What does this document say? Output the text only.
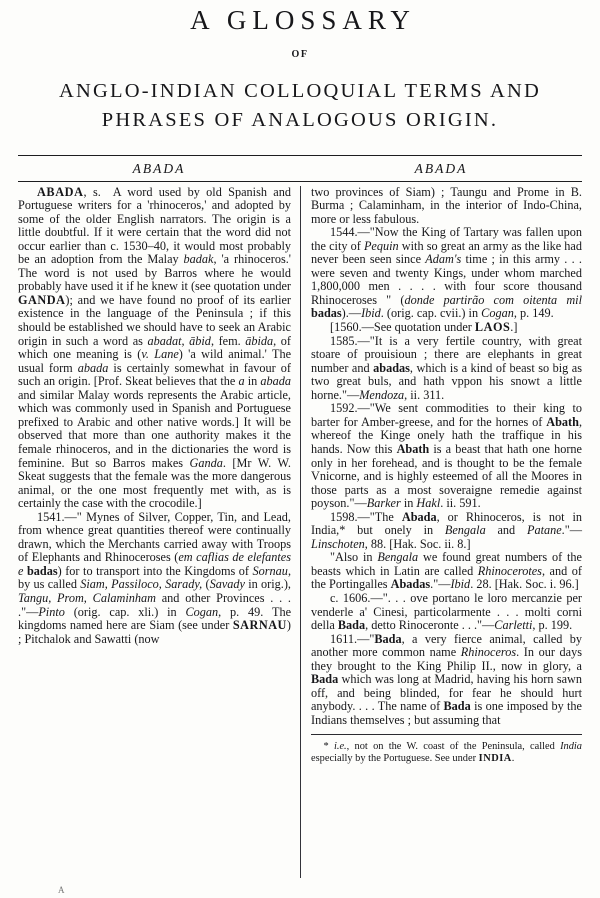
A GLOSSARY
OF
ANGLO-INDIAN COLLOQUIAL TERMS AND
PHRASES OF ANALOGOUS ORIGIN.
ABADA	ABADA

ABADA, s. A word used by old Spanish and Portuguese writers for a 'rhinoceros,' and adopted by some of the older English narrators. The origin is a little doubtful. If it were certain that the word did not occur earlier than c. 1530–40, it would most probably be an adoption from the Malay badak, 'a rhinoceros.' The word is not used by Barros where he would probably have used it if he knew it (see quotation under GANDA); and we have found no proof of its earlier existence in the language of the Peninsula ; if this should be established we should have to seek an Arabic origin in such a word as abadat, ābid, fem. ābida, of which one meaning is (v. Lane) 'a wild animal.' The usual form abada is certainly somewhat in favour of such an origin. [Prof. Skeat believes that the a in abada and similar Malay words represents the Arabic article, which was commonly used in Spanish and Portuguese prefixed to Arabic and other native words.] It will be observed that more than one authority makes it the female rhinoceros, and in the dictionaries the word is feminine. But so Barros makes Ganda. [Mr W. W. Skeat suggests that the female was the more dangerous animal, or the one most frequently met with, as is certainly the case with the crocodile.]

1541.—" Mynes of Silver, Copper, Tin, and Lead, from whence great quantities thereof were continually drawn, which the Merchants carried away with Troops of Elephants and Rhinoceroses (em caflias de elefantes e badas) for to transport into the Kingdoms of Sornau, by us called Siam, Passiloco, Sarady, (Savady in orig.), Tangu, Prom, Calaminham and other Provinces . . . ."—Pinto (orig. cap. xli.) in Cogan, p. 49. The kingdoms named here are Siam (see under SARNAU) ; Pitchalok and Sawatti (now

two provinces of Siam) ; Taungu and Prome in B. Burma ; Calaminham, in the interior of Indo-China, more or less fabulous.

1544.—"Now the King of Tartary was fallen upon the city of Pequin with so great an army as the like had never been seen since Adam's time ; in this army . . . were seven and twenty Kings, under whom marched 1,800,000 men . . . . with four score thousand Rhinoceroses " (donde partirão com oitenta mil badas).—Ibid. (orig. cap. cvii.) in Cogan, p. 149.

[1560.—See quotation under LAOS.]

1585.—"It is a very fertile country, with great stoare of prouisioun ; there are elephants in great number and abadas, which is a kind of beast so big as two great buls, and hath vppon his snowt a little horne."—Mendoza, ii. 311.

1592.—"We sent commodities to their king to barter for Amber-greese, and for the hornes of Abath, whereof the Kinge onely hath the traffique in his hands. Now this Abath is a beast that hath one horne only in her forehead, and is thought to be the female Vnicorne, and is highly esteemed of all the Moores in those parts as a most soveraigne remedie against poyson."—Barker in Hakl. ii. 591.

1598.—"The Abada, or Rhinoceros, is not in India,* but onely in Bengala and Patane."—Linschoten, 88. [Hak. Soc. ii. 8.]

"Also in Bengala we found great numbers of the beasts which in Latin are called Rhinocerotes, and of the Portingalles Abadas."—Ibid. 28. [Hak. Soc. i. 96.]

c. 1606.—". . . ove portano le loro mercanzie per venderle a' Cinesi, particolarmente . . . molti corni della Bada, detto Rinoceronte . . ."—Carletti, p. 199.

1611.—"Bada, a very fierce animal, called by another more common name Rhinoceros. In our days they brought to the King Philip II., now in glory, a Bada which was long at Madrid, having his horn sawn off, and being blinded, for fear he should hurt anybody. . . . The name of Bada is one imposed by the Indians themselves ; but assuming that

* i.e., not on the W. coast of the Peninsula, called India especially by the Portuguese. See under INDIA.

A
